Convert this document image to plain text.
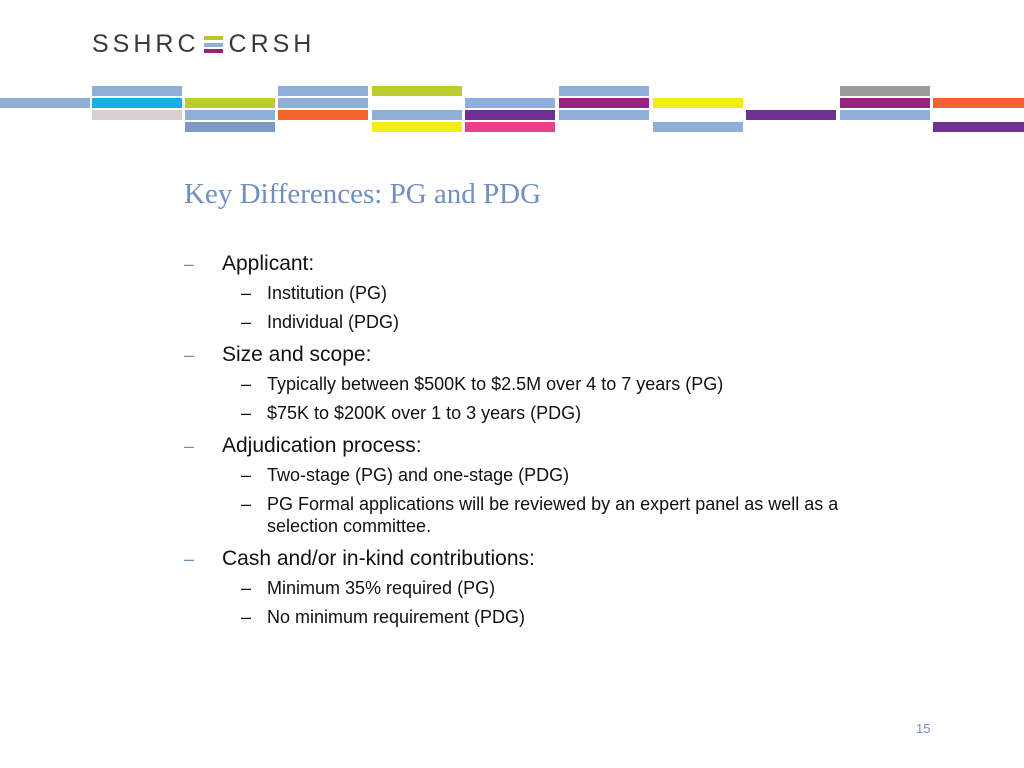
SSHRC CRSH
Key Differences: PG and PDG
– Applicant:
– Institution (PG)
– Individual (PDG)
– Size and scope:
– Typically between $500K to $2.5M over 4 to 7 years (PG)
– $75K to $200K over 1 to 3 years (PDG)
– Adjudication process:
– Two-stage (PG) and one-stage (PDG)
– PG Formal applications will be reviewed by an expert panel as well as a selection committee.
– Cash and/or in-kind contributions:
– Minimum 35% required (PG)
– No minimum requirement (PDG)
15
